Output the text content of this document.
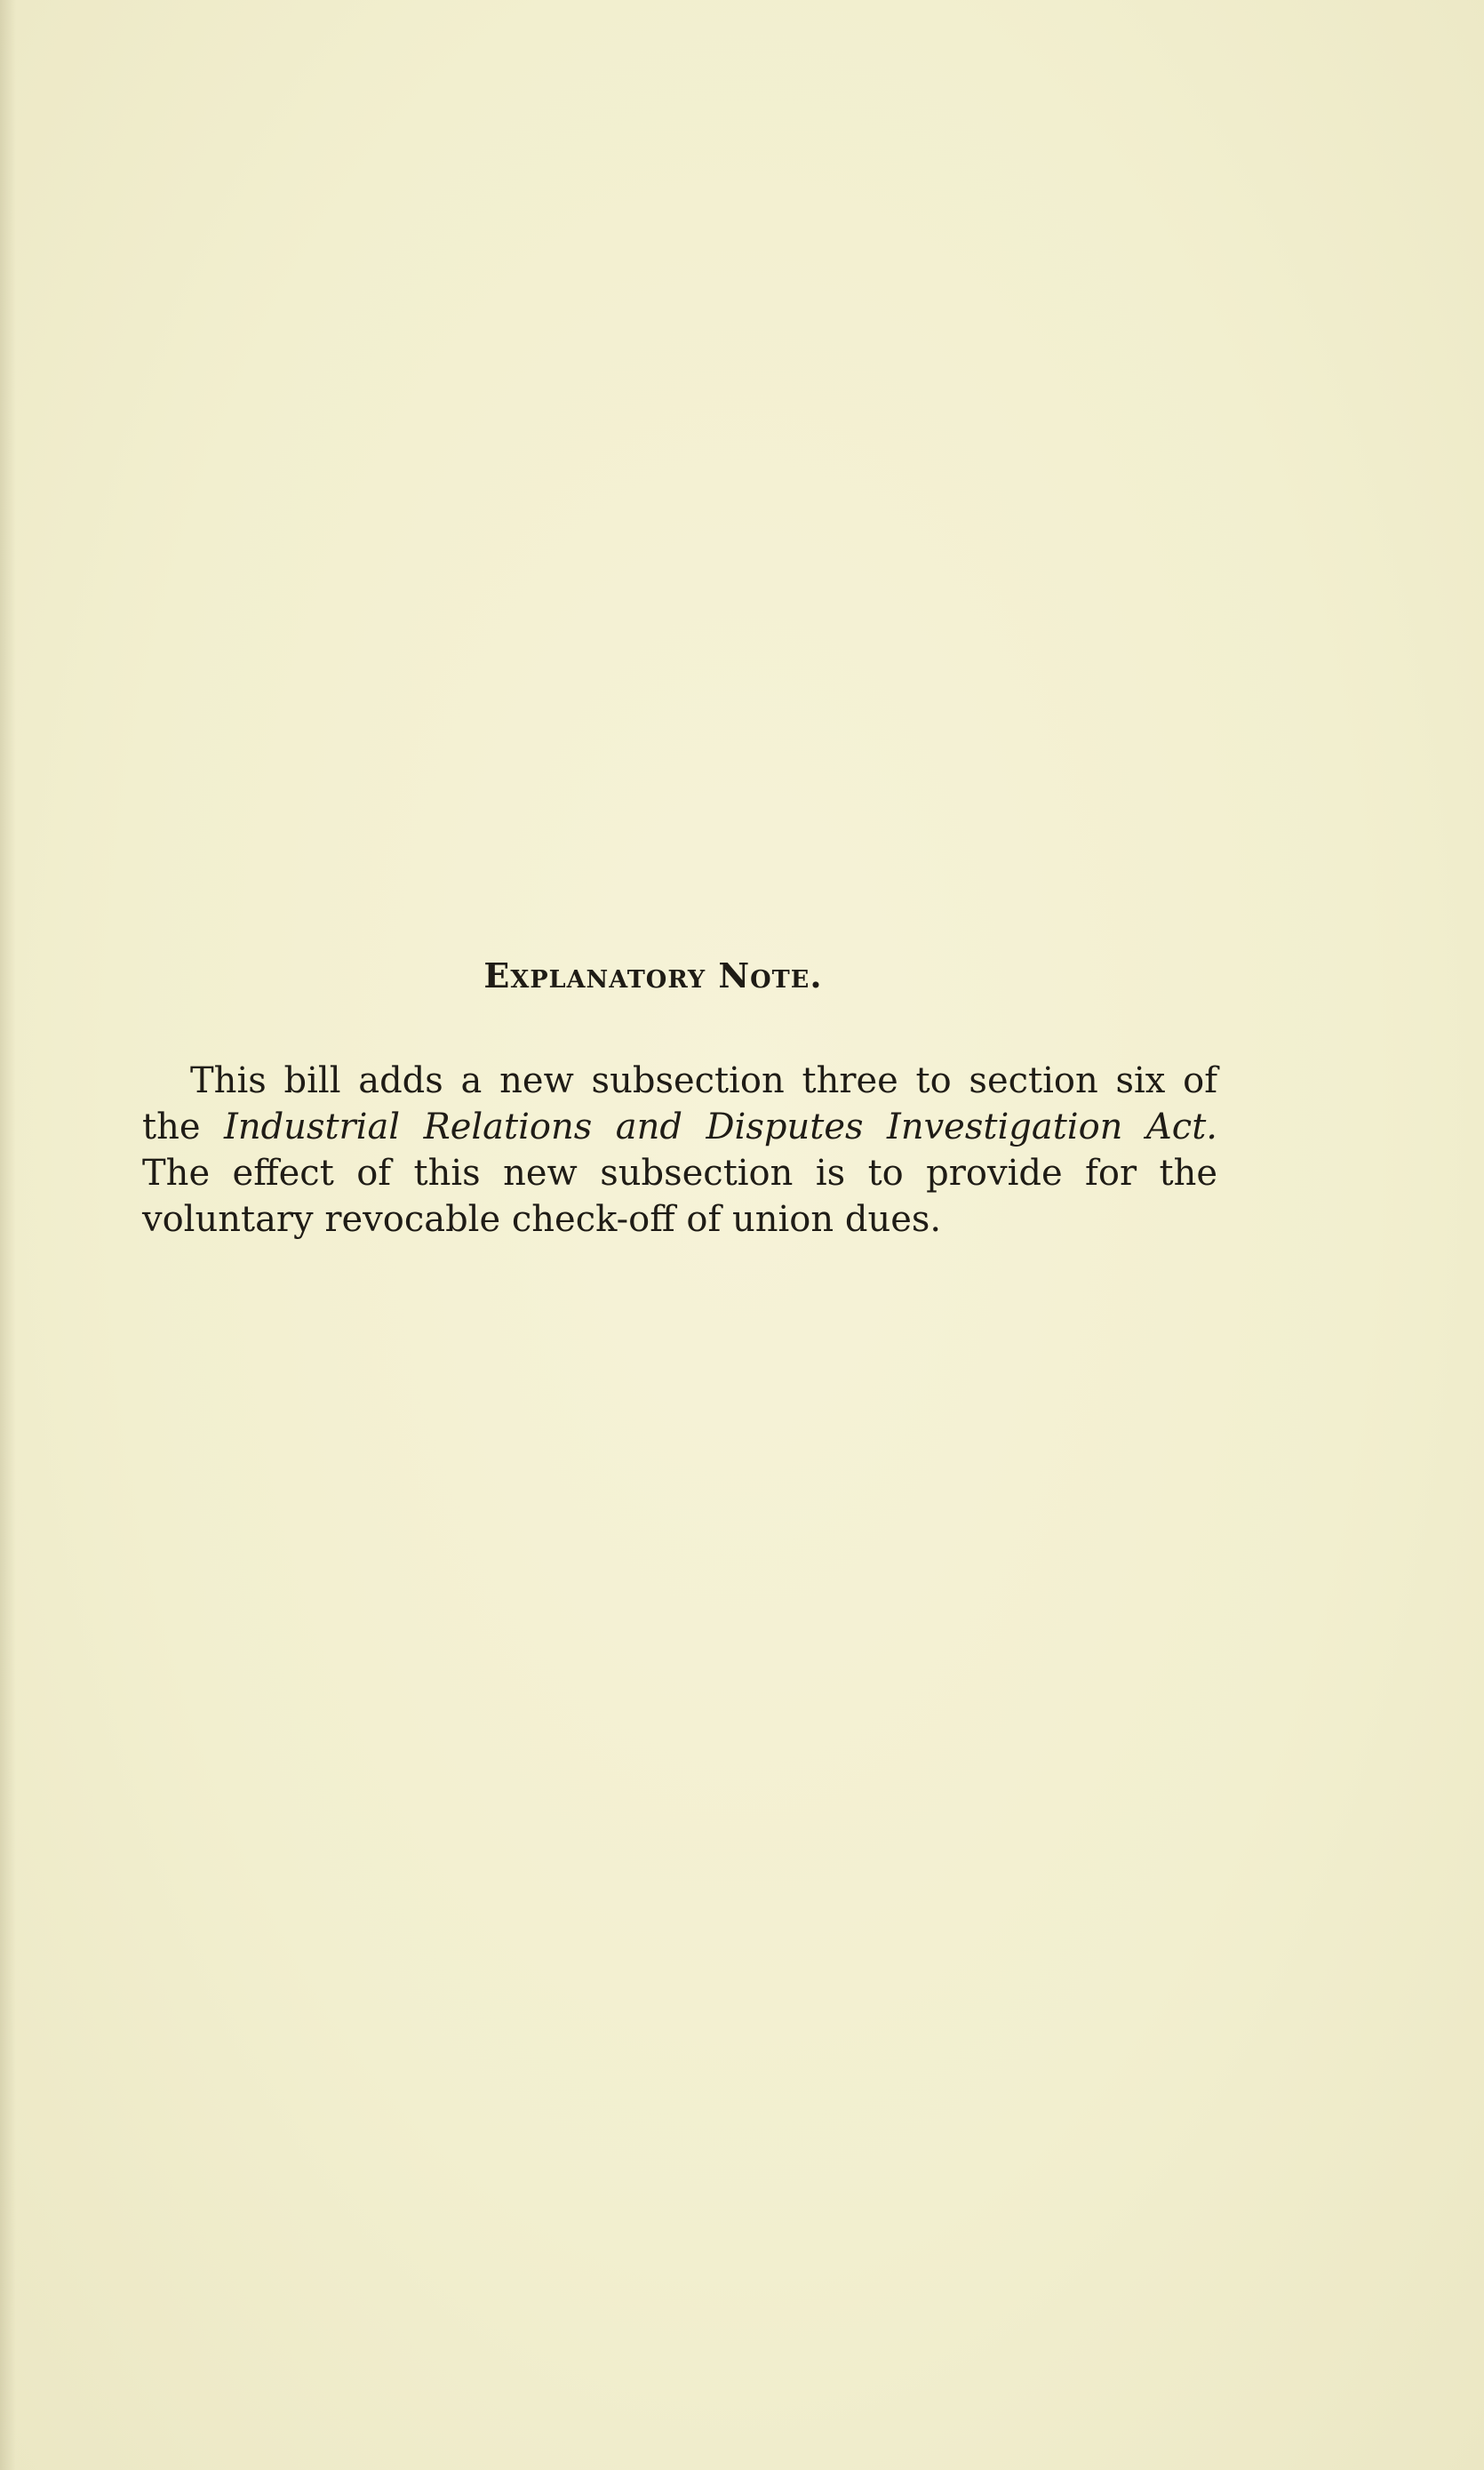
Explanatory Note.

This bill adds a new subsection three to section six of the Industrial Relations and Disputes Investigation Act. The effect of this new subsection is to provide for the voluntary revocable check-off of union dues.
